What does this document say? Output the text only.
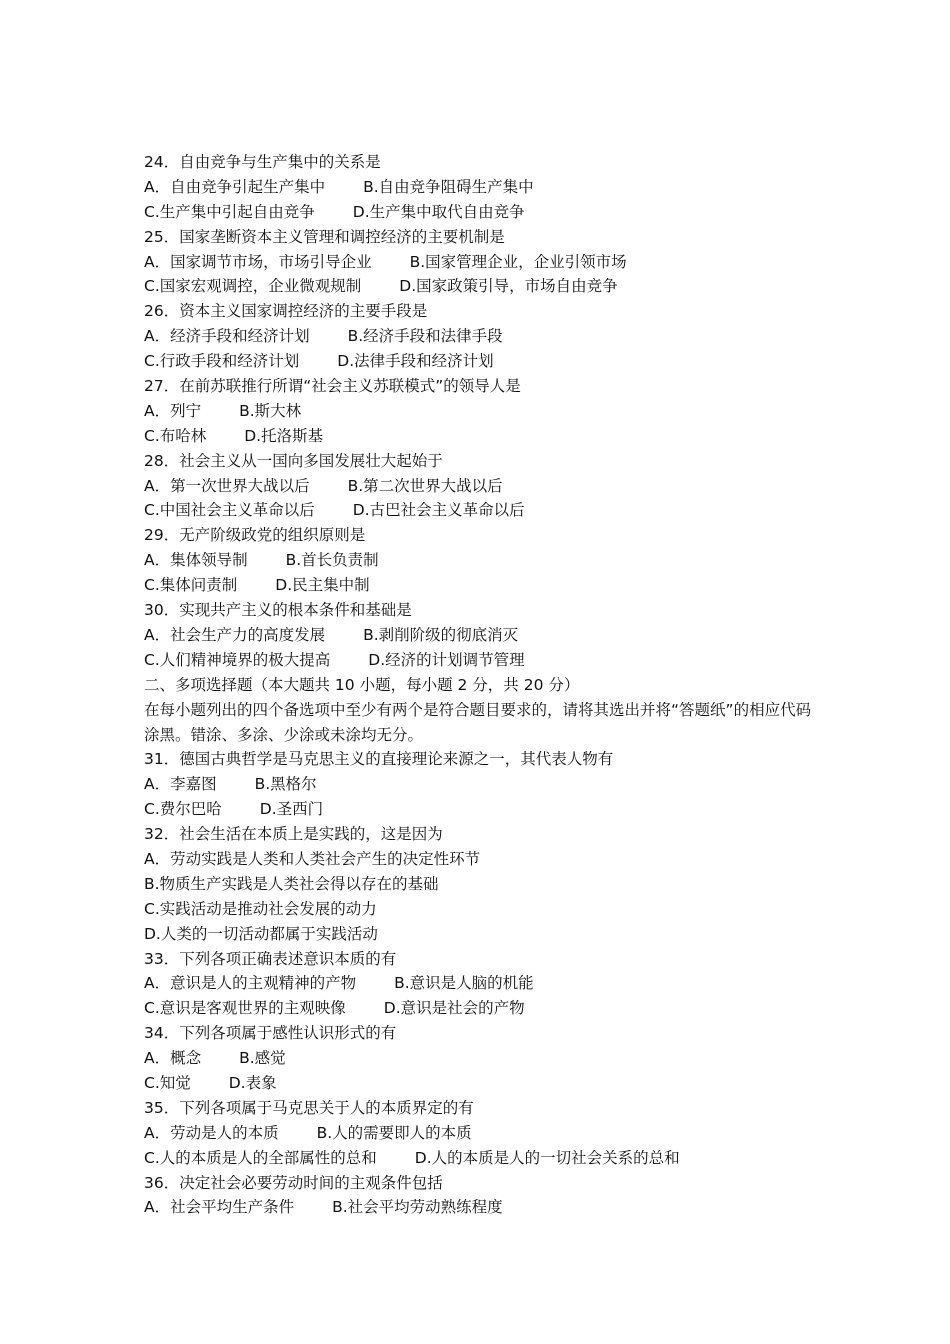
24．自由竞争与生产集中的关系是
A．自由竞争引起生产集中 B.自由竞争阻碍生产集中
C.生产集中引起自由竞争 D.生产集中取代自由竞争
25．国家垄断资本主义管理和调控经济的主要机制是
A．国家调节市场，市场引导企业 B.国家管理企业，企业引领市场
C.国家宏观调控，企业微观规制 D.国家政策引导，市场自由竞争
26．资本主义国家调控经济的主要手段是
A．经济手段和经济计划 B.经济手段和法律手段
C.行政手段和经济计划 D.法律手段和经济计划
27．在前苏联推行所谓“社会主义苏联模式”的领导人是
A．列宁 B.斯大林
C.布哈林 D.托洛斯基
28．社会主义从一国向多国发展壮大起始于
A．第一次世界大战以后 B.第二次世界大战以后
C.中国社会主义革命以后 D.古巴社会主义革命以后
29．无产阶级政党的组织原则是
A．集体领导制 B.首长负责制
C.集体问责制 D.民主集中制
30．实现共产主义的根本条件和基础是
A．社会生产力的高度发展 B.剥削阶级的彻底消灭
C.人们精神境界的极大提高 D.经济的计划调节管理
二、多项选择题（本大题共 10 小题，每小题 2 分，共 20 分）
在每小题列出的四个备选项中至少有两个是符合题目要求的，请将其选出并将“答题纸”的相应代码涂黑。错涂、多涂、少涂或未涂均无分。
31．德国古典哲学是马克思主义的直接理论来源之一，其代表人物有
A．李嘉图 B.黑格尔
C.费尔巴哈 D.圣西门
32．社会生活在本质上是实践的，这是因为
A．劳动实践是人类和人类社会产生的决定性环节
B.物质生产实践是人类社会得以存在的基础
C.实践活动是推动社会发展的动力
D.人类的一切活动都属于实践活动
33．下列各项正确表述意识本质的有
A．意识是人的主观精神的产物 B.意识是人脑的机能
C.意识是客观世界的主观映像 D.意识是社会的产物
34．下列各项属于感性认识形式的有
A．概念 B.感觉
C.知觉 D.表象
35．下列各项属于马克思关于人的本质界定的有
A．劳动是人的本质 B.人的需要即人的本质
C.人的本质是人的全部属性的总和 D.人的本质是人的一切社会关系的总和
36．决定社会必要劳动时间的主观条件包括
A．社会平均生产条件 B.社会平均劳动熟练程度
